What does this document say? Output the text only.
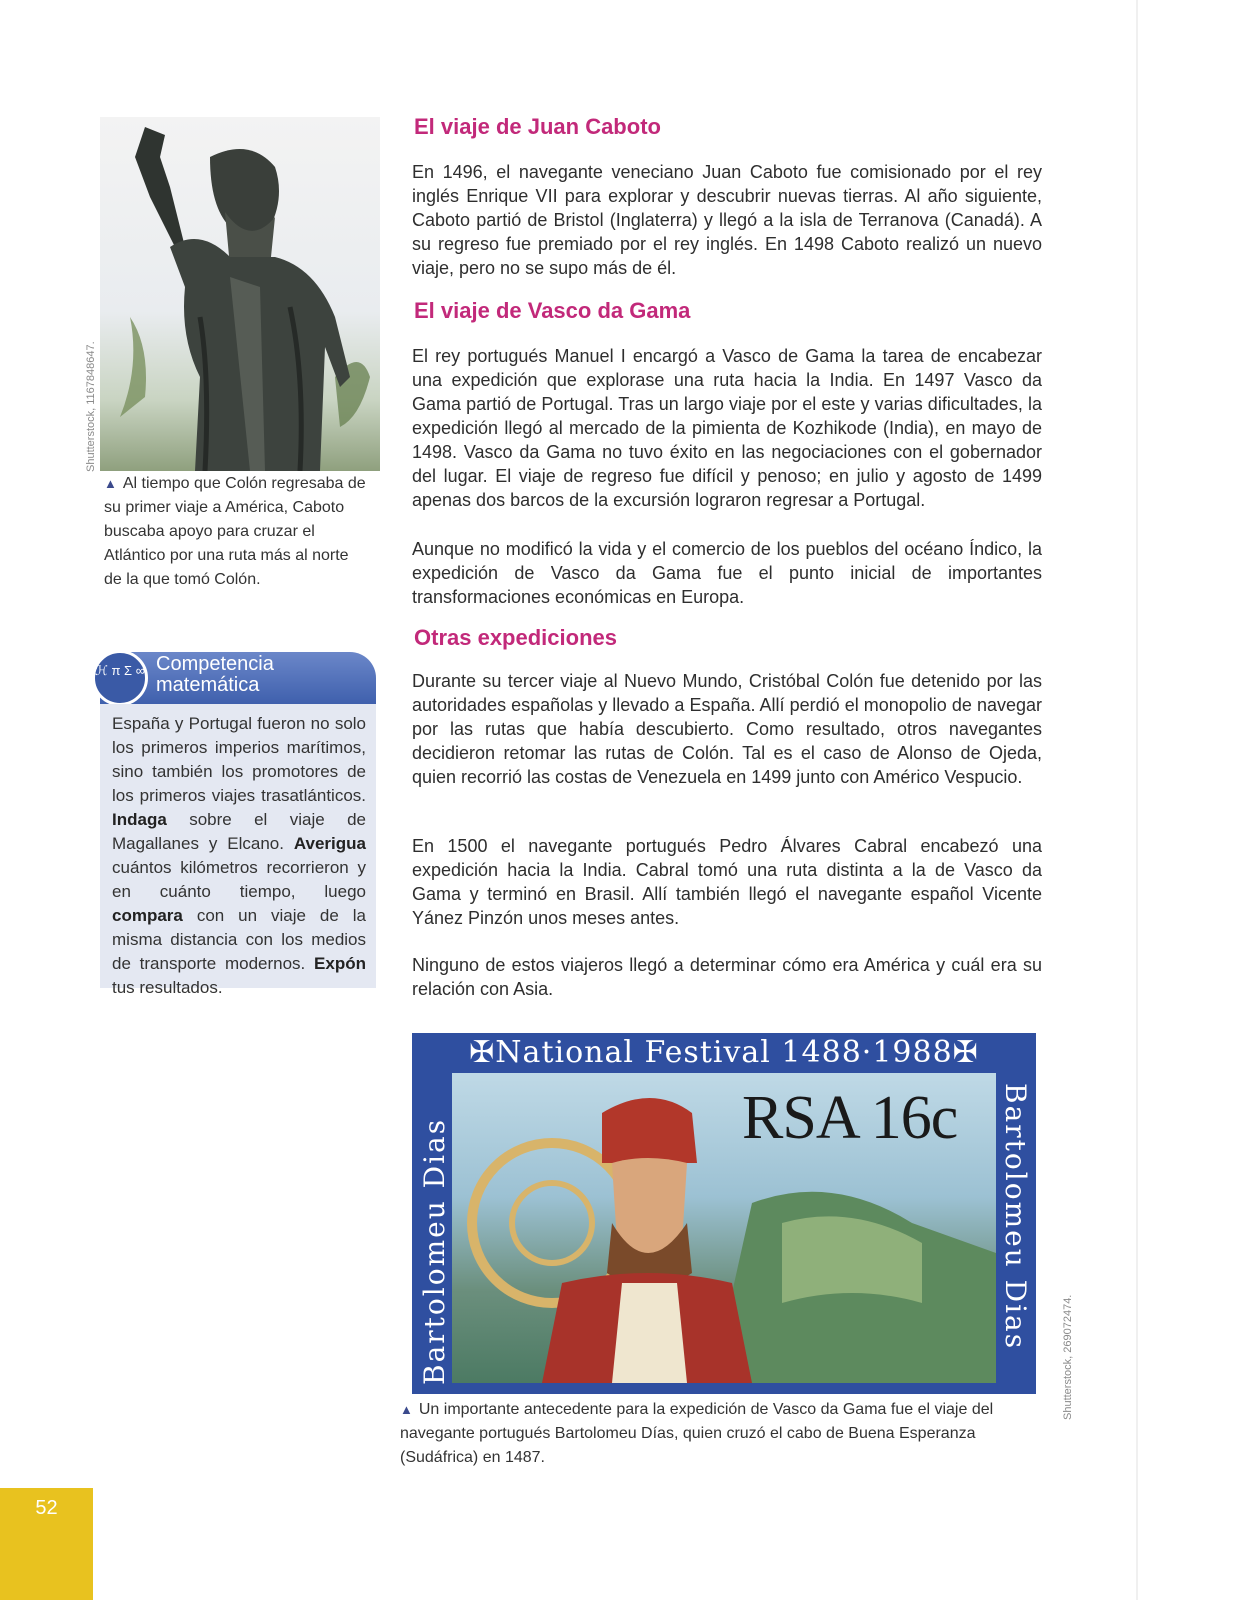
Shutterstock, 1167848647.
▲ Al tiempo que Colón regresaba de su primer viaje a América, Caboto buscaba apoyo para cruzar el Atlántico por una ruta más al norte de la que tomó Colón.
ℋ π Σ ∞ Competencia matemática
España y Portugal fueron no solo los primeros imperios marítimos, sino también los promotores de los primeros viajes trasatlánticos. Indaga sobre el viaje de Magallanes y Elcano. Averigua cuántos kilómetros recorrieron y en cuánto tiempo, luego compara con un viaje de la misma distancia con los medios de transporte modernos. Expón tus resultados.
El viaje de Juan Caboto
En 1496, el navegante veneciano Juan Caboto fue comisionado por el rey inglés Enrique VII para explorar y descubrir nuevas tierras. Al año siguiente, Caboto partió de Bristol (Inglaterra) y llegó a la isla de Terranova (Canadá). A su regreso fue premiado por el rey inglés. En 1498 Caboto realizó un nuevo viaje, pero no se supo más de él.
El viaje de Vasco da Gama
El rey portugués Manuel I encargó a Vasco de Gama la tarea de encabezar una expedición que explorase una ruta hacia la India. En 1497 Vasco da Gama partió de Portugal. Tras un largo viaje por el este y varias dificultades, la expedición llegó al mercado de la pimienta de Kozhikode (India), en mayo de 1498. Vasco da Gama no tuvo éxito en las negociaciones con el gobernador del lugar. El viaje de regreso fue difícil y penoso; en julio y agosto de 1499 apenas dos barcos de la excursión lograron regresar a Portugal.
Aunque no modificó la vida y el comercio de los pueblos del océano Índico, la expedición de Vasco da Gama fue el punto inicial de importantes transformaciones económicas en Europa.
Otras expediciones
Durante su tercer viaje al Nuevo Mundo, Cristóbal Colón fue detenido por las autoridades españolas y llevado a España. Allí perdió el monopolio de navegar por las rutas que había descubierto. Como resultado, otros navegantes decidieron retomar las rutas de Colón. Tal es el caso de Alonso de Ojeda, quien recorrió las costas de Venezuela en 1499 junto con Américo Vespucio.
En 1500 el navegante portugués Pedro Álvares Cabral encabezó una expedición hacia la India. Cabral tomó una ruta distinta a la de Vasco da Gama y terminó en Brasil. Allí también llegó el navegante español Vicente Yánez Pinzón unos meses antes.
Ninguno de estos viajeros llegó a determinar cómo era América y cuál era su relación con Asia.
✠National Festival 1488·1988✠
RSA 16c
Bartolomeu Dias	Bartolomeu Dias
Shutterstock, 269072474.
▲ Un importante antecedente para la expedición de Vasco da Gama fue el viaje del navegante portugués Bartolomeu Días, quien cruzó el cabo de Buena Esperanza (Sudáfrica) en 1487.
52
